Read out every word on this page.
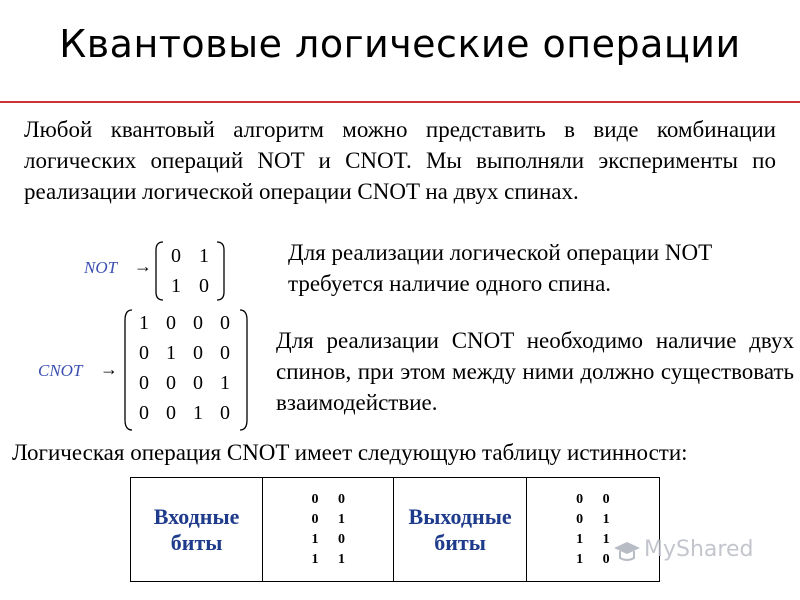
Квантовые логические операции
Любой квантовый алгоритм можно представить в виде комбинации логических операций NOT и CNOT. Мы выполняли эксперименты по реализации логической операции CNOT на двух спинах.
NOT → 0 1
1 0
Для реализации логической операции NOT требуется наличие одного спина.
CNOT →
1 0 0 0
0 1 0 0
0 0 0 1
0 0 1 0
Для реализации CNOT необходимо наличие двух спинов, при этом между ними должно существовать взаимодействие.
Логическая операция CNOT имеет следующую таблицу истинности:
Входные биты	
0 0
0 1
1 0
1 1
	Выходные биты	
0 0
0 1
1 1
1 0	MyShared
